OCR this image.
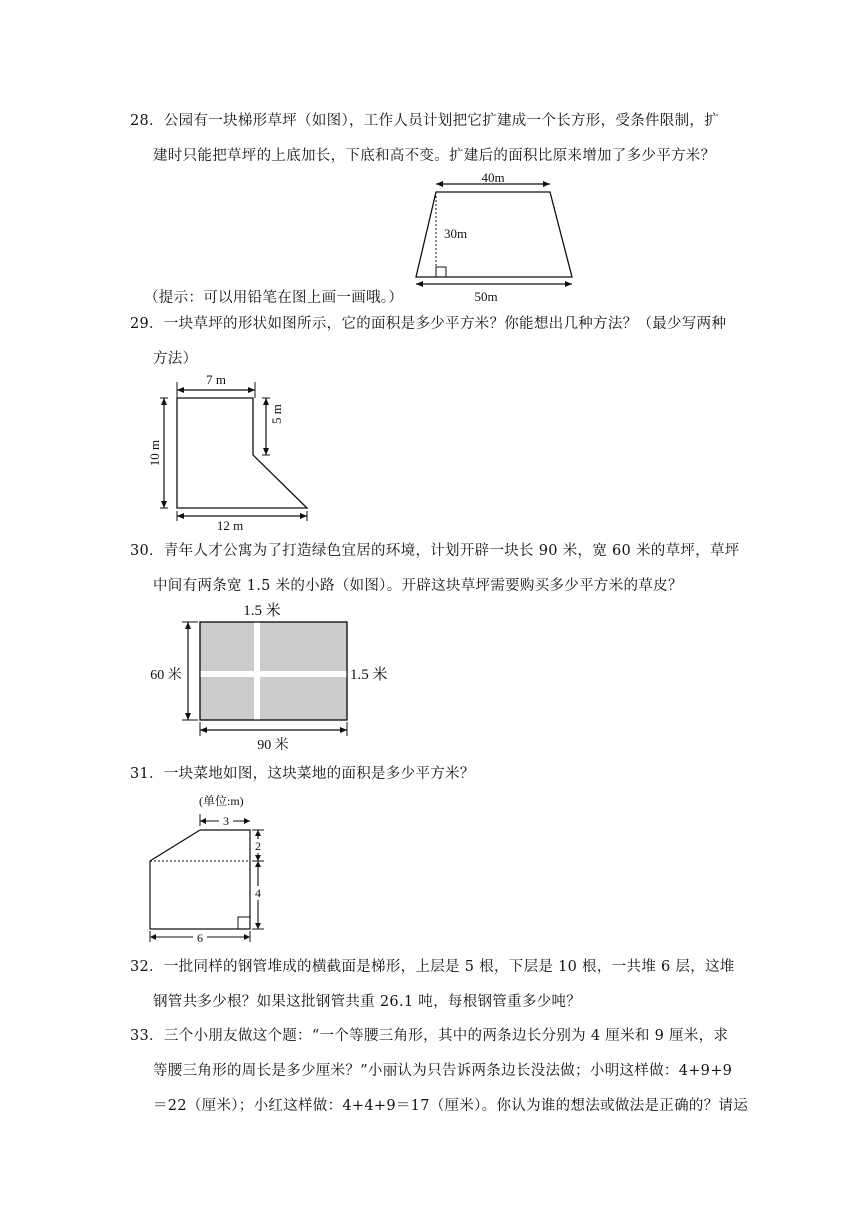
28．公园有一块梯形草坪（如图），工作人员计划把它扩建成一个长方形，受条件限制，扩
建时只能把草坪的上底加长，下底和高不变。扩建后的面积比原来增加了多少平方米？
40m
30m
50m
（提示：可以用铅笔在图上画一画哦。）
29．一块草坪的形状如图所示，它的面积是多少平方米？你能想出几种方法？（最少写两种
方法）
7 m
5 m
10 m
12 m
30．青年人才公寓为了打造绿色宜居的环境，计划开辟一块长 90 米，宽 60 米的草坪，草坪
中间有两条宽 1.5 米的小路（如图）。开辟这块草坪需要购买多少平方米的草皮？
1.5 米
60 米	1.5 米
90 米
31．一块菜地如图，这块菜地的面积是多少平方米？
(单位:m)
3
2
4
6
32．一批同样的钢管堆成的横截面是梯形，上层是 5 根，下层是 10 根，一共堆 6 层，这堆
钢管共多少根？如果这批钢管共重 26.1 吨，每根钢管重多少吨？
33．三个小朋友做这个题：“一个等腰三角形，其中的两条边长分别为 4 厘米和 9 厘米，求
等腰三角形的周长是多少厘米？”小丽认为只告诉两条边长没法做；小明这样做：4+9+9
＝22（厘米）；小红这样做：4+4+9＝17（厘米）。你认为谁的想法或做法是正确的？请运
